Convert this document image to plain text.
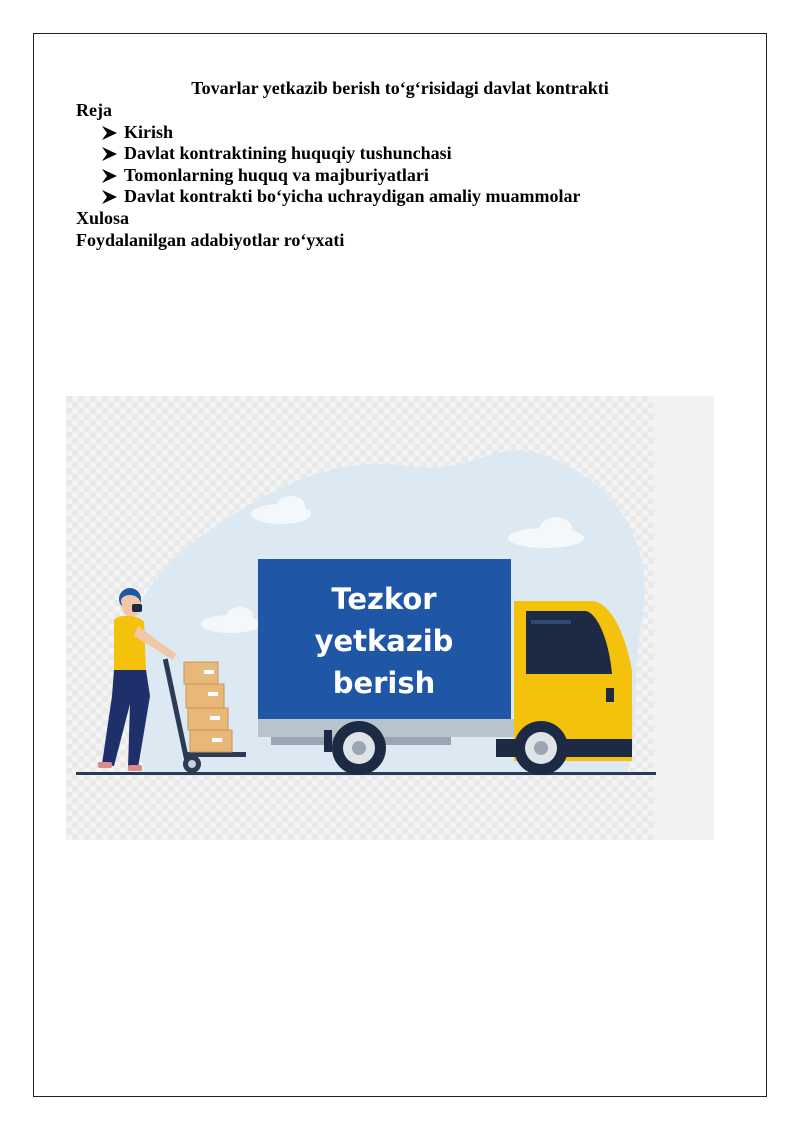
Tovarlar yetkazib berish to‘g‘risidagi davlat kontrakti
Reja
Kirish
Davlat kontraktining huquqiy tushunchasi
Tomonlarning huquq va majburiyatlari
Davlat kontrakti bo‘yicha uchraydigan amaliy muammolar
Xulosa
Foydalanilgan adabiyotlar ro‘yxati
Tezkor
yetkazib
berish
